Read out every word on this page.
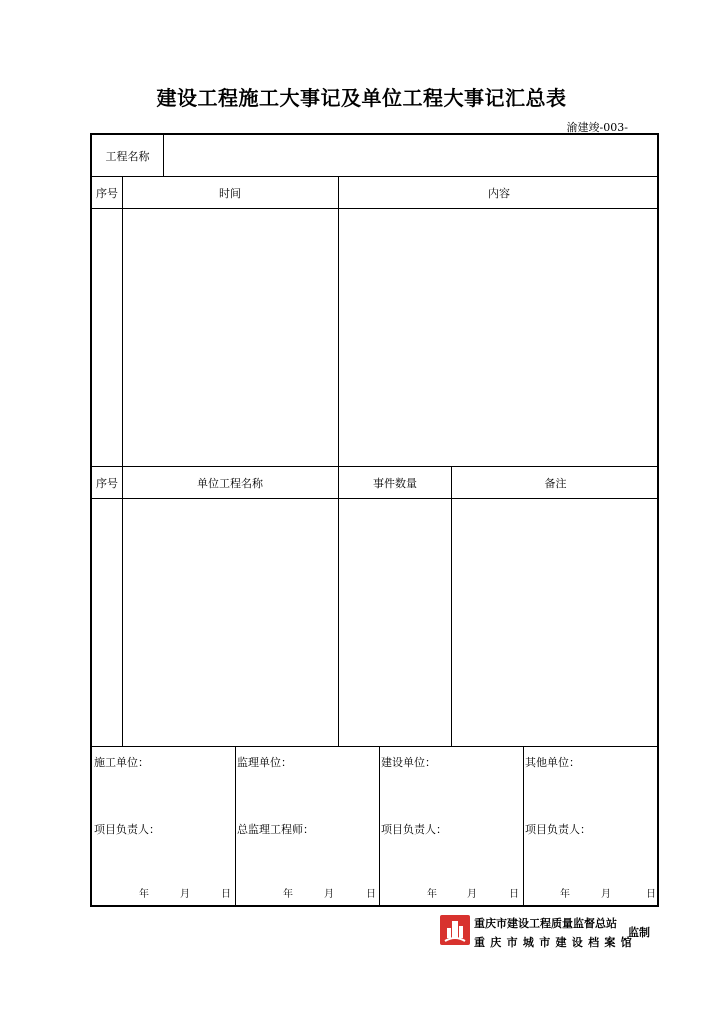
建设工程施工大事记及单位工程大事记汇总表
渝建竣-003-
工程名称
序号	时间	内容
序号	单位工程名称	事件数量	备注
施工单位：	监理单位：	建设单位：	其他单位：
项目负责人：	总监理工程师：	项目负责人：	项目负责人：
年	月	日	年	月	日	年	月	日	年	月	日
重庆市建设工程质量监督总站
重庆市城市建设档案馆
监制
